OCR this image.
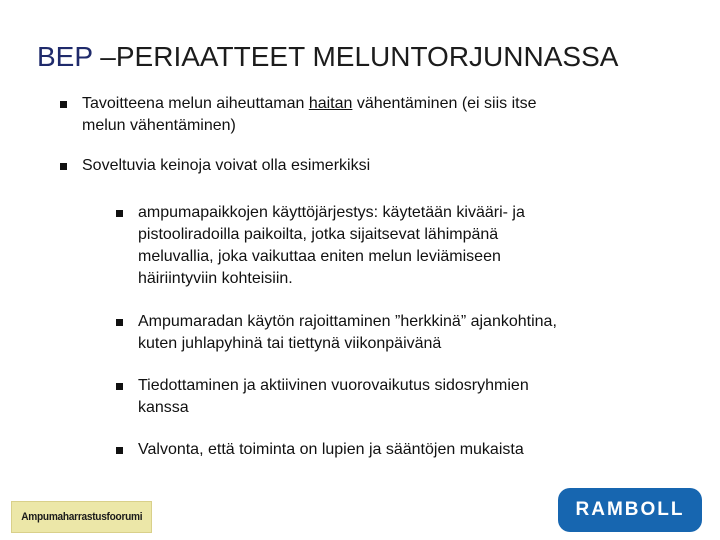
BEP –PERIAATTEET MELUNTORJUNNASSA
Tavoitteena melun aiheuttaman haitan vähentäminen (ei siis itse
melun vähentäminen)
Soveltuvia keinoja voivat olla esimerkiksi
ampumapaikkojen käyttöjärjestys: käytetään kivääri- ja
pistooliradoilla paikoilta, jotka sijaitsevat lähimpänä
meluvallia, joka vaikuttaa eniten melun leviämiseen
häiriintyviin kohteisiin.
Ampumaradan käytön rajoittaminen ”herkkinä” ajankohtina,
kuten juhlapyhinä tai tiettynä viikonpäivänä
Tiedottaminen ja aktiivinen vuorovaikutus sidosryhmien
kanssa
Valvonta, että toiminta on lupien ja sääntöjen mukaista
Ampumaharrastusfoorumi	RAMBOLL
